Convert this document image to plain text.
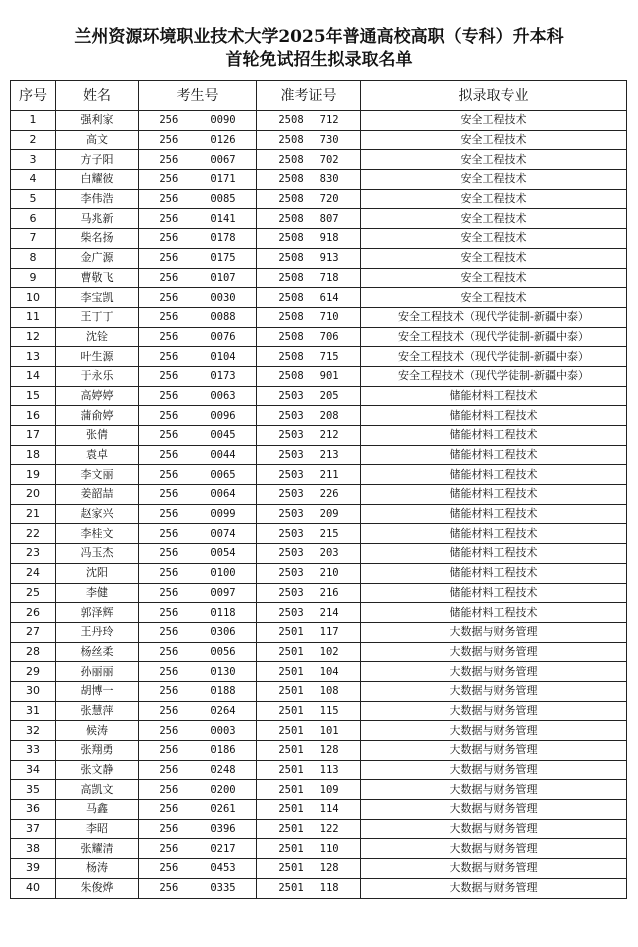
兰州资源环境职业技术大学2025年普通高校高职（专科）升本科
首轮免试招生拟录取名单
序号	姓名	考生号	准考证号	拟录取专业
1	强利家	256 0090	2508 712	安全工程技术
2	高文	256 0126	2508 730	安全工程技术
3	方子阳	256 0067	2508 702	安全工程技术
4	白耀彼	256 0171	2508 830	安全工程技术
5	李伟浩	256 0085	2508 720	安全工程技术
6	马兆新	256 0141	2508 807	安全工程技术
7	柴名扬	256 0178	2508 918	安全工程技术
8	金广源	256 0175	2508 913	安全工程技术
9	曹敬飞	256 0107	2508 718	安全工程技术
10	李宝凯	256 0030	2508 614	安全工程技术
11	王丁丁	256 0088	2508 710	安全工程技术（现代学徒制-新疆中泰）
12	沈铨	256 0076	2508 706	安全工程技术（现代学徒制-新疆中泰）
13	叶生源	256 0104	2508 715	安全工程技术（现代学徒制-新疆中泰）
14	于永乐	256 0173	2508 901	安全工程技术（现代学徒制-新疆中泰）
15	高婷婷	256 0063	2503 205	储能材料工程技术
16	蒲俞婷	256 0096	2503 208	储能材料工程技术
17	张倩	256 0045	2503 212	储能材料工程技术
18	袁卓	256 0044	2503 213	储能材料工程技术
19	李文丽	256 0065	2503 211	储能材料工程技术
20	姜韶喆	256 0064	2503 226	储能材料工程技术
21	赵家兴	256 0099	2503 209	储能材料工程技术
22	李桂文	256 0074	2503 215	储能材料工程技术
23	冯玉杰	256 0054	2503 203	储能材料工程技术
24	沈阳	256 0100	2503 210	储能材料工程技术
25	李健	256 0097	2503 216	储能材料工程技术
26	郭泽辉	256 0118	2503 214	储能材料工程技术
27	王丹玲	256 0306	2501 117	大数据与财务管理
28	杨丝柔	256 0056	2501 102	大数据与财务管理
29	孙丽丽	256 0130	2501 104	大数据与财务管理
30	胡博一	256 0188	2501 108	大数据与财务管理
31	张慧萍	256 0264	2501 115	大数据与财务管理
32	候涛	256 0003	2501 101	大数据与财务管理
33	张翔勇	256 0186	2501 128	大数据与财务管理
34	张文静	256 0248	2501 113	大数据与财务管理
35	高凯文	256 0200	2501 109	大数据与财务管理
36	马鑫	256 0261	2501 114	大数据与财务管理
37	李昭	256 0396	2501 122	大数据与财务管理
38	张耀清	256 0217	2501 110	大数据与财务管理
39	杨涛	256 0453	2501 128	大数据与财务管理
40	朱俊烨	256 0335	2501 118	大数据与财务管理
